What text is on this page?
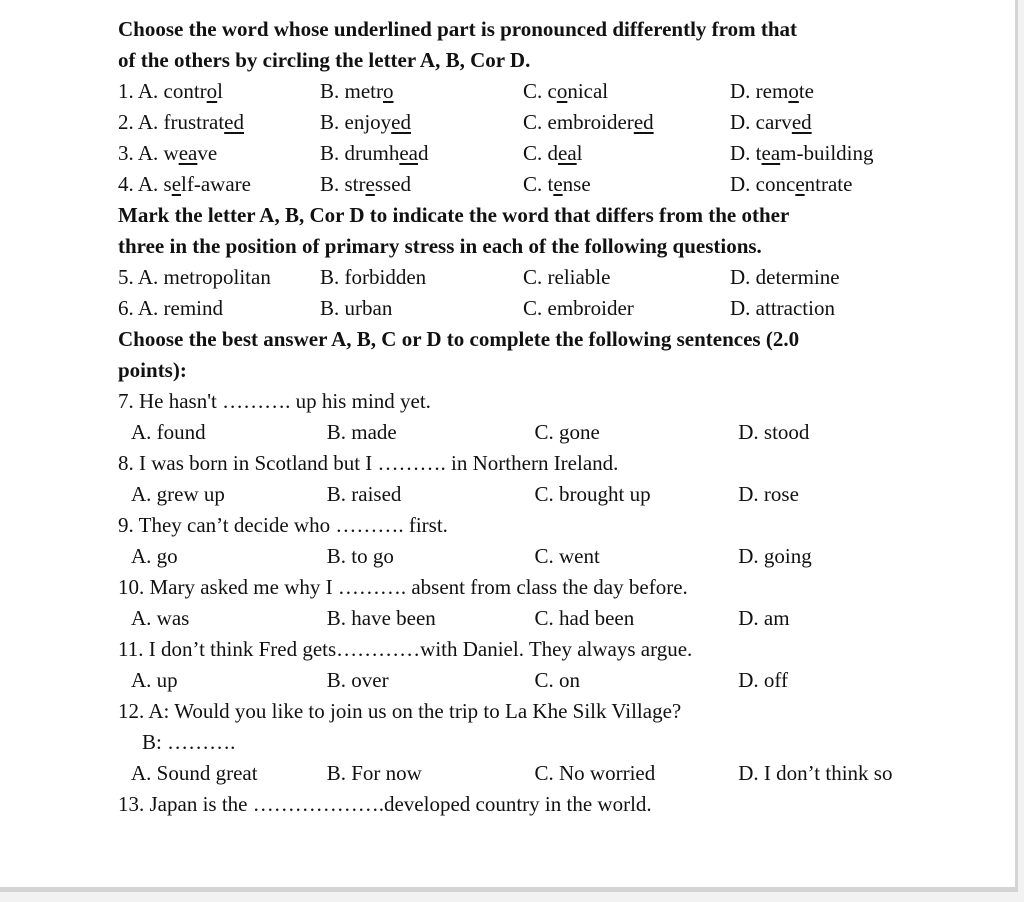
Choose the word whose underlined part is pronounced differently from that
of the others by circling the letter A, B, Cor D.
1. A. control	B. metro	C. conical	D. remote
2. A. frustrated	B. enjoyed	C. embroidered	D. carved
3. A. weave	B. drumhead	C. deal	D. team-building
4. A. self-aware	B. stressed	C. tense	D. concentrate
Mark the letter A, B, Cor D to indicate the word that differs from the other
three in the position of primary stress in each of the following questions.
5. A. metropolitan	B. forbidden	C. reliable	D. determine
6. A. remind	B. urban	C. embroider	D. attraction
Choose the best answer A, B, C or D to complete the following sentences (2.0
points):
7. He hasn't ………. up his mind yet.
A. found	B. made	C. gone	D. stood
8. I was born in Scotland but I ………. in Northern Ireland.
A. grew up	B. raised	C. brought up	D. rose
9. They can’t decide who ………. first.
A. go	B. to go	C. went	D. going
10. Mary asked me why I ………. absent from class the day before.
A. was	B. have been	C. had been	D. am
11. I don’t think Fred gets…………with Daniel. They always argue.
A. up	B. over	C. on	D. off
12. A: Would you like to join us on the trip to La Khe Silk Village?
B: ……….
A. Sound great	B. For now	C. No worried	D. I don’t think so
13. Japan is the ……………….developed country in the world.
